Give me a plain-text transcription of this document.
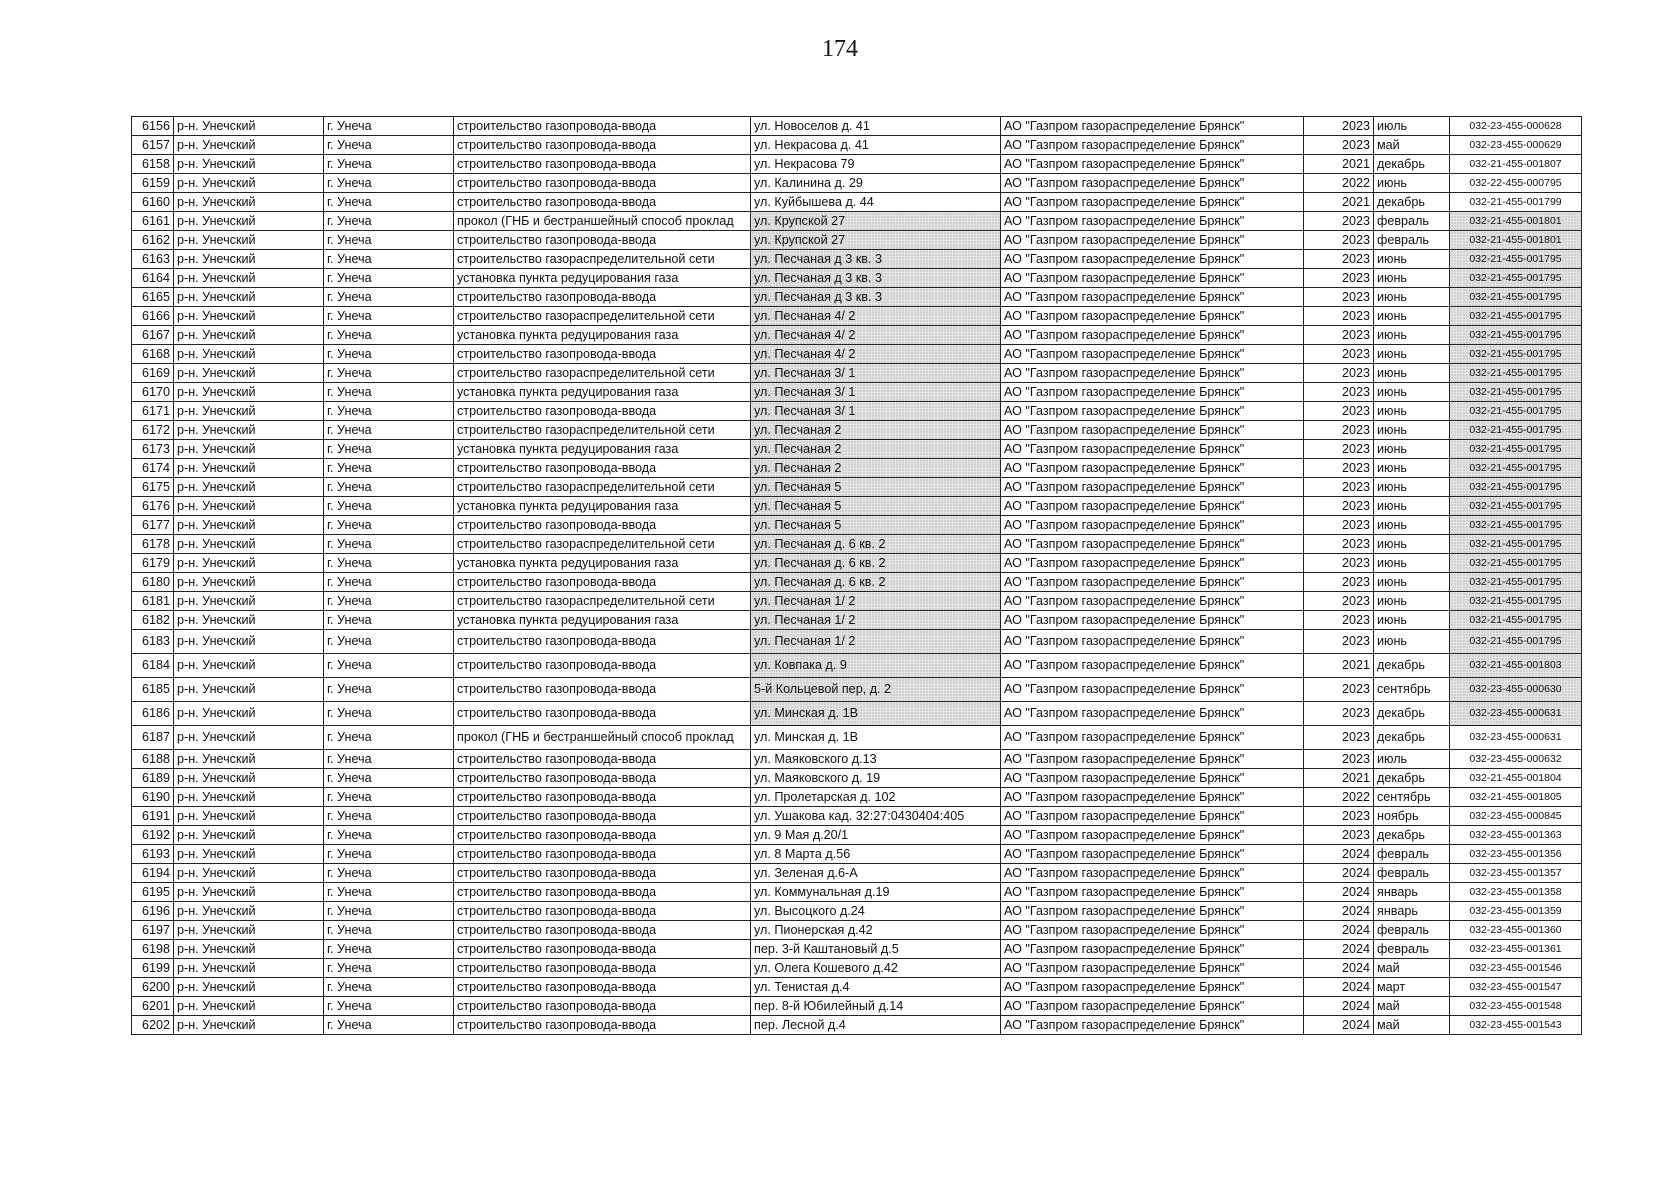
174
6156	р-н. Унечский	г. Унеча	строительство газопровода-ввода	ул. Новоселов д. 41	АО "Газпром газораспределение Брянск"	2023	июль	032-23-455-000628
6157	р-н. Унечский	г. Унеча	строительство газопровода-ввода	ул. Некрасова д. 41	АО "Газпром газораспределение Брянск"	2023	май	032-23-455-000629
6158	р-н. Унечский	г. Унеча	строительство газопровода-ввода	ул. Некрасова 79	АО "Газпром газораспределение Брянск"	2021	декабрь	032-21-455-001807
6159	р-н. Унечский	г. Унеча	строительство газопровода-ввода	ул. Калинина д. 29	АО "Газпром газораспределение Брянск"	2022	июнь	032-22-455-000795
6160	р-н. Унечский	г. Унеча	строительство газопровода-ввода	ул. Куйбышева д. 44	АО "Газпром газораспределение Брянск"	2021	декабрь	032-21-455-001799
6161	р-н. Унечский	г. Унеча	прокол (ГНБ и бестраншейный способ проклад	ул. Крупской 27	АО "Газпром газораспределение Брянск"	2023	февраль	032-21-455-001801
6162	р-н. Унечский	г. Унеча	строительство газопровода-ввода	ул. Крупской 27	АО "Газпром газораспределение Брянск"	2023	февраль	032-21-455-001801
6163	р-н. Унечский	г. Унеча	строительство газораспределительной сети	ул. Песчаная д 3 кв. 3	АО "Газпром газораспределение Брянск"	2023	июнь	032-21-455-001795
6164	р-н. Унечский	г. Унеча	установка пункта редуцирования газа	ул. Песчаная д 3 кв. 3	АО "Газпром газораспределение Брянск"	2023	июнь	032-21-455-001795
6165	р-н. Унечский	г. Унеча	строительство газопровода-ввода	ул. Песчаная д 3 кв. 3	АО "Газпром газораспределение Брянск"	2023	июнь	032-21-455-001795
6166	р-н. Унечский	г. Унеча	строительство газораспределительной сети	ул. Песчаная 4/ 2	АО "Газпром газораспределение Брянск"	2023	июнь	032-21-455-001795
6167	р-н. Унечский	г. Унеча	установка пункта редуцирования газа	ул. Песчаная 4/ 2	АО "Газпром газораспределение Брянск"	2023	июнь	032-21-455-001795
6168	р-н. Унечский	г. Унеча	строительство газопровода-ввода	ул. Песчаная 4/ 2	АО "Газпром газораспределение Брянск"	2023	июнь	032-21-455-001795
6169	р-н. Унечский	г. Унеча	строительство газораспределительной сети	ул. Песчаная 3/ 1	АО "Газпром газораспределение Брянск"	2023	июнь	032-21-455-001795
6170	р-н. Унечский	г. Унеча	установка пункта редуцирования газа	ул. Песчаная 3/ 1	АО "Газпром газораспределение Брянск"	2023	июнь	032-21-455-001795
6171	р-н. Унечский	г. Унеча	строительство газопровода-ввода	ул. Песчаная 3/ 1	АО "Газпром газораспределение Брянск"	2023	июнь	032-21-455-001795
6172	р-н. Унечский	г. Унеча	строительство газораспределительной сети	ул. Песчаная 2	АО "Газпром газораспределение Брянск"	2023	июнь	032-21-455-001795
6173	р-н. Унечский	г. Унеча	установка пункта редуцирования газа	ул. Песчаная 2	АО "Газпром газораспределение Брянск"	2023	июнь	032-21-455-001795
6174	р-н. Унечский	г. Унеча	строительство газопровода-ввода	ул. Песчаная 2	АО "Газпром газораспределение Брянск"	2023	июнь	032-21-455-001795
6175	р-н. Унечский	г. Унеча	строительство газораспределительной сети	ул. Песчаная 5	АО "Газпром газораспределение Брянск"	2023	июнь	032-21-455-001795
6176	р-н. Унечский	г. Унеча	установка пункта редуцирования газа	ул. Песчаная 5	АО "Газпром газораспределение Брянск"	2023	июнь	032-21-455-001795
6177	р-н. Унечский	г. Унеча	строительство газопровода-ввода	ул. Песчаная 5	АО "Газпром газораспределение Брянск"	2023	июнь	032-21-455-001795
6178	р-н. Унечский	г. Унеча	строительство газораспределительной сети	ул. Песчаная д. 6 кв. 2	АО "Газпром газораспределение Брянск"	2023	июнь	032-21-455-001795
6179	р-н. Унечский	г. Унеча	установка пункта редуцирования газа	ул. Песчаная д. 6 кв. 2	АО "Газпром газораспределение Брянск"	2023	июнь	032-21-455-001795
6180	р-н. Унечский	г. Унеча	строительство газопровода-ввода	ул. Песчаная д. 6 кв. 2	АО "Газпром газораспределение Брянск"	2023	июнь	032-21-455-001795
6181	р-н. Унечский	г. Унеча	строительство газораспределительной сети	ул. Песчаная 1/ 2	АО "Газпром газораспределение Брянск"	2023	июнь	032-21-455-001795
6182	р-н. Унечский	г. Унеча	установка пункта редуцирования газа	ул. Песчаная 1/ 2	АО "Газпром газораспределение Брянск"	2023	июнь	032-21-455-001795
6183	р-н. Унечский	г. Унеча	строительство газопровода-ввода	ул. Песчаная 1/ 2	АО "Газпром газораспределение Брянск"	2023	июнь	032-21-455-001795
6184	р-н. Унечский	г. Унеча	строительство газопровода-ввода	ул. Ковпака д. 9	АО "Газпром газораспределение Брянск"	2021	декабрь	032-21-455-001803
6185	р-н. Унечский	г. Унеча	строительство газопровода-ввода	5-й Кольцевой пер, д. 2	АО "Газпром газораспределение Брянск"	2023	сентябрь	032-23-455-000630
6186	р-н. Унечский	г. Унеча	строительство газопровода-ввода	ул. Минская д. 1В	АО "Газпром газораспределение Брянск"	2023	декабрь	032-23-455-000631
6187	р-н. Унечский	г. Унеча	прокол (ГНБ и бестраншейный способ проклад	ул. Минская д. 1В	АО "Газпром газораспределение Брянск"	2023	декабрь	032-23-455-000631
6188	р-н. Унечский	г. Унеча	строительство газопровода-ввода	ул. Маяковского д.13	АО "Газпром газораспределение Брянск"	2023	июль	032-23-455-000632
6189	р-н. Унечский	г. Унеча	строительство газопровода-ввода	ул. Маяковского д. 19	АО "Газпром газораспределение Брянск"	2021	декабрь	032-21-455-001804
6190	р-н. Унечский	г. Унеча	строительство газопровода-ввода	ул. Пролетарская д. 102	АО "Газпром газораспределение Брянск"	2022	сентябрь	032-21-455-001805
6191	р-н. Унечский	г. Унеча	строительство газопровода-ввода	ул. Ушакова кад. 32:27:0430404:405	АО "Газпром газораспределение Брянск"	2023	ноябрь	032-23-455-000845
6192	р-н. Унечский	г. Унеча	строительство газопровода-ввода	ул. 9 Мая д.20/1	АО "Газпром газораспределение Брянск"	2023	декабрь	032-23-455-001363
6193	р-н. Унечский	г. Унеча	строительство газопровода-ввода	ул. 8 Марта д.56	АО "Газпром газораспределение Брянск"	2024	февраль	032-23-455-001356
6194	р-н. Унечский	г. Унеча	строительство газопровода-ввода	ул. Зеленая д.6-А	АО "Газпром газораспределение Брянск"	2024	февраль	032-23-455-001357
6195	р-н. Унечский	г. Унеча	строительство газопровода-ввода	ул. Коммунальная д.19	АО "Газпром газораспределение Брянск"	2024	январь	032-23-455-001358
6196	р-н. Унечский	г. Унеча	строительство газопровода-ввода	ул. Высоцкого д.24	АО "Газпром газораспределение Брянск"	2024	январь	032-23-455-001359
6197	р-н. Унечский	г. Унеча	строительство газопровода-ввода	ул. Пионерская д.42	АО "Газпром газораспределение Брянск"	2024	февраль	032-23-455-001360
6198	р-н. Унечский	г. Унеча	строительство газопровода-ввода	пер. 3-й Каштановый д.5	АО "Газпром газораспределение Брянск"	2024	февраль	032-23-455-001361
6199	р-н. Унечский	г. Унеча	строительство газопровода-ввода	ул. Олега Кошевого д.42	АО "Газпром газораспределение Брянск"	2024	май	032-23-455-001546
6200	р-н. Унечский	г. Унеча	строительство газопровода-ввода	ул. Тенистая д.4	АО "Газпром газораспределение Брянск"	2024	март	032-23-455-001547
6201	р-н. Унечский	г. Унеча	строительство газопровода-ввода	пер. 8-й Юбилейный д.14	АО "Газпром газораспределение Брянск"	2024	май	032-23-455-001548
6202	р-н. Унечский	г. Унеча	строительство газопровода-ввода	пер. Лесной д.4	АО "Газпром газораспределение Брянск"	2024	май	032-23-455-001543
